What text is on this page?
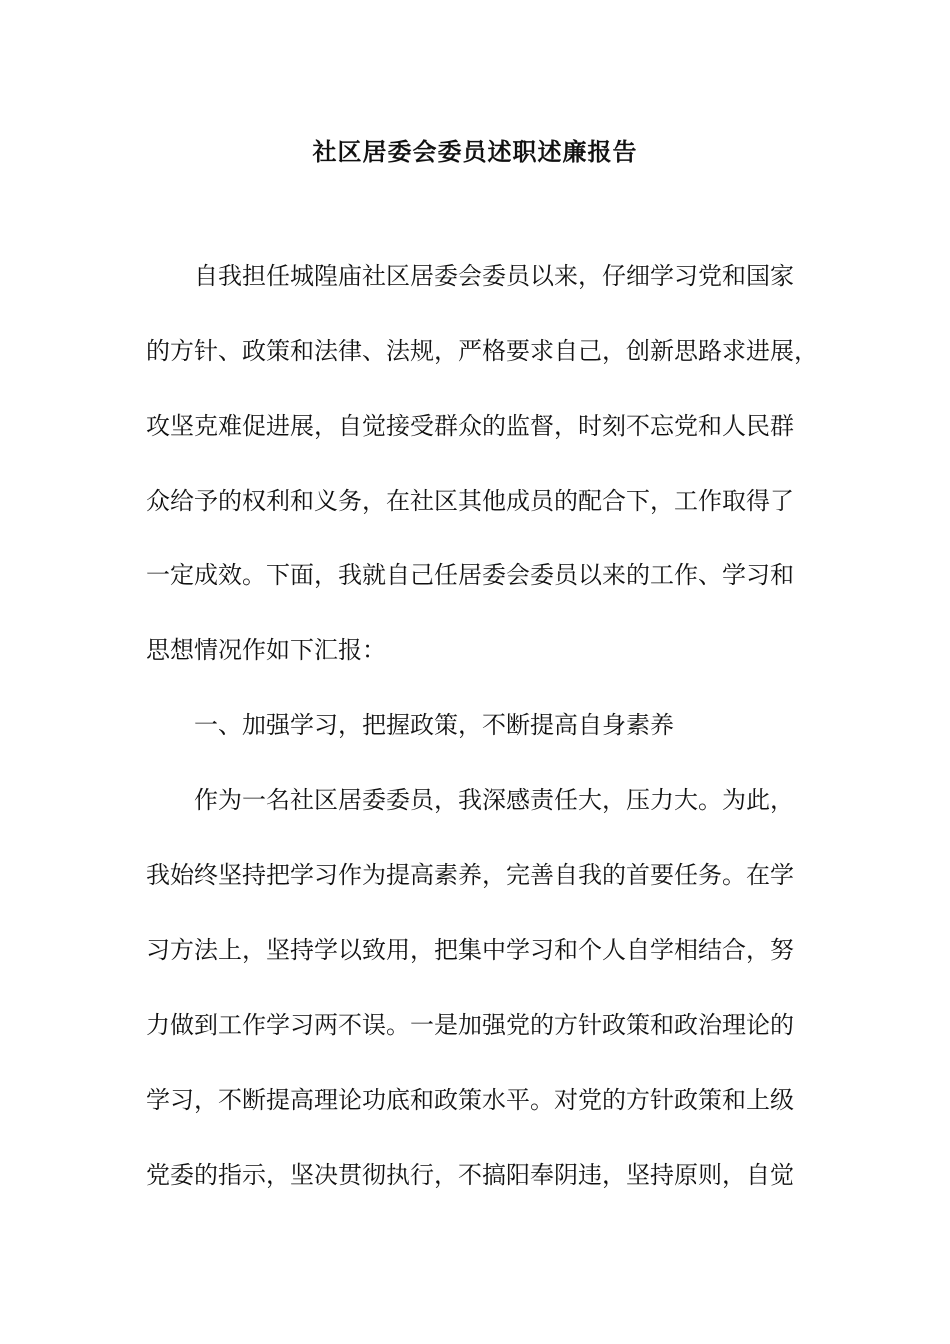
社区居委会委员述职述廉报告
自我担任城隍庙社区居委会委员以来，仔细学习党和国家
的方针、政策和法律、法规，严格要求自己，创新思路求进展，
攻坚克难促进展，自觉接受群众的监督，时刻不忘党和人民群
众给予的权利和义务，在社区其他成员的配合下，工作取得了
一定成效。下面，我就自己任居委会委员以来的工作、学习和
思想情况作如下汇报：
一、加强学习，把握政策，不断提高自身素养
作为一名社区居委委员，我深感责任大，压力大。为此，
我始终坚持把学习作为提高素养，完善自我的首要任务。在学
习方法上，坚持学以致用，把集中学习和个人自学相结合，努
力做到工作学习两不误。一是加强党的方针政策和政治理论的
学习，不断提高理论功底和政策水平。对党的方针政策和上级
党委的指示，坚决贯彻执行，不搞阳奉阴违，坚持原则，自觉
